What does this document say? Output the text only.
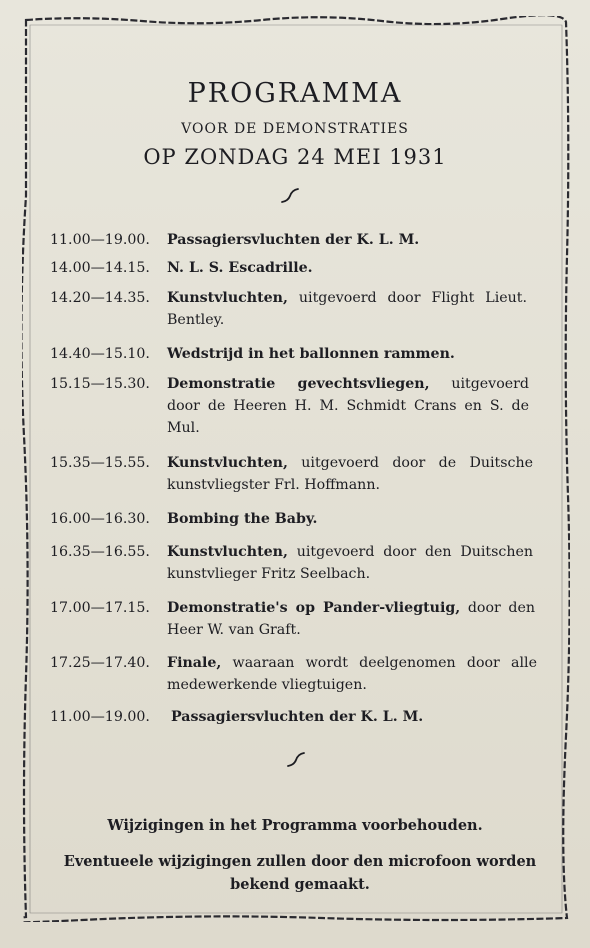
PROGRAMMA
VOOR DE DEMONSTRATIES
OP ZONDAG 24 MEI 1931
11.00—19.00. Passagiersvluchten der K. L. M.
14.00—14.15. N. L. S. Escadrille.
14.20—14.35. Kunstvluchten, uitgevoerd door Flight Lieut. Bentley.
14.40—15.10. Wedstrijd in het ballonnen rammen.
15.15—15.30. Demonstratie gevechtsvliegen, uitgevoerd door de Heeren H. M. Schmidt Crans en S. de Mul.
15.35—15.55. Kunstvluchten, uitgevoerd door de Duitsche kunstvliegster Frl. Hoffmann.
16.00—16.30. Bombing the Baby.
16.35—16.55. Kunstvluchten, uitgevoerd door den Duitschen kunstvlieger Fritz Seelbach.
17.00—17.15. Demonstratie's op Pander-vliegtuig, door den Heer W. van Graft.
17.25—17.40. Finale, waaraan wordt deelgenomen door alle medewerkende vliegtuigen.
11.00—19.00. Passagiersvluchten der K. L. M.
Wijzigingen in het Programma voorbehouden.
Eventueele wijzigingen zullen door den microfoon worden bekend gemaakt.
